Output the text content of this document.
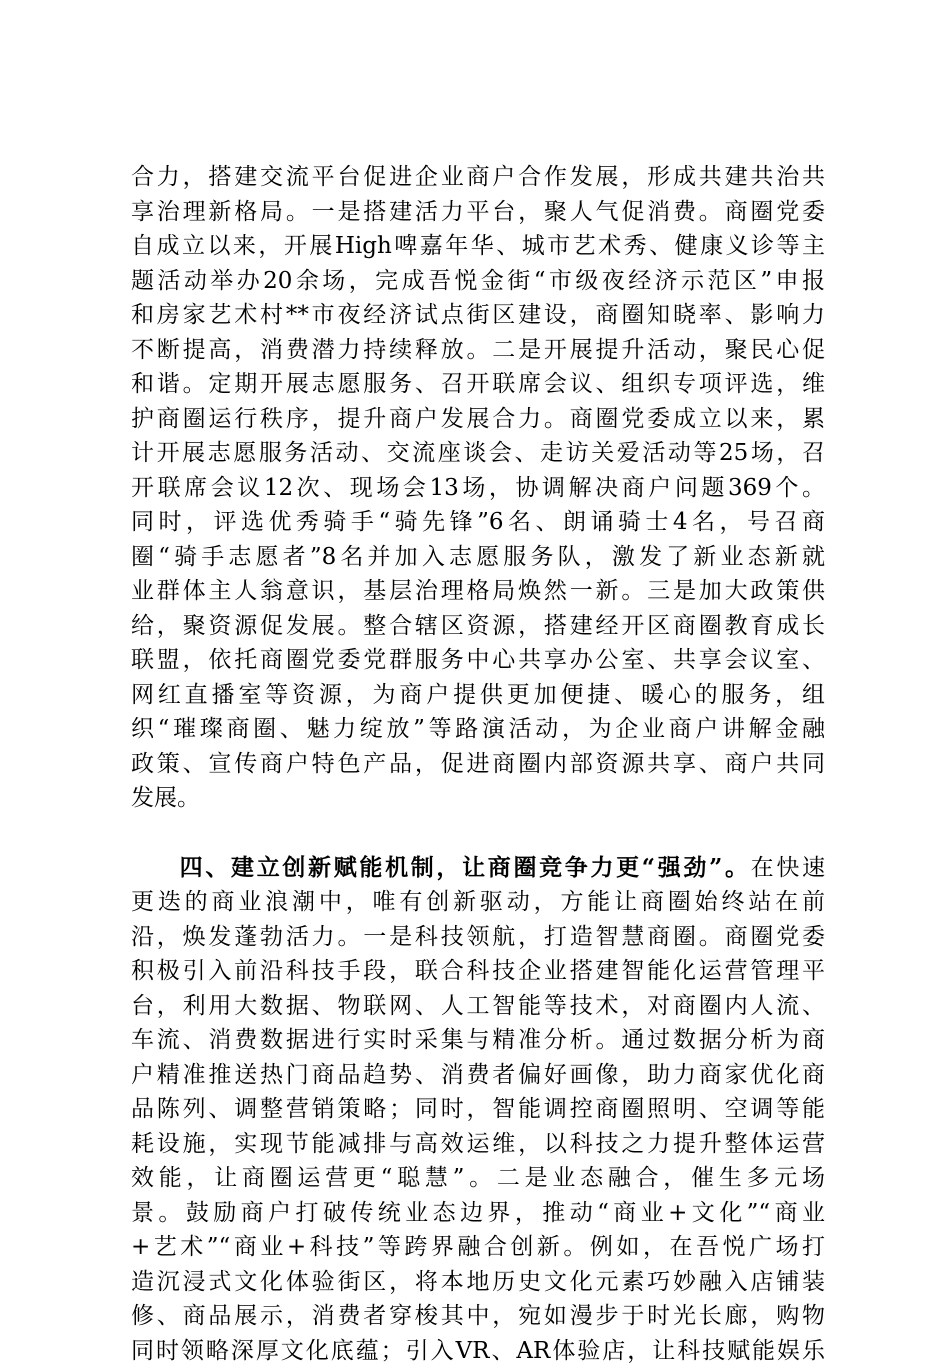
合力，搭建交流平台促进企业商户合作发展，形成共建共治共
享治理新格局。一是搭建活力平台，聚人气促消费。商圈党委
自成立以来，开展High啤嘉年华、城市艺术秀、健康义诊等主
题活动举办20余场，完成吾悦金街“市级夜经济示范区”申报
和房家艺术村**市夜经济试点街区建设，商圈知晓率、影响力
不断提高，消费潜力持续释放。二是开展提升活动，聚民心促
和谐。定期开展志愿服务、召开联席会议、组织专项评选，维
护商圈运行秩序，提升商户发展合力。商圈党委成立以来，累
计开展志愿服务活动、交流座谈会、走访关爱活动等25场，召
开联席会议12次、现场会13场，协调解决商户问题369个。
同时，评选优秀骑手“骑先锋”6名、朗诵骑士4名，号召商
圈“骑手志愿者”8名并加入志愿服务队，激发了新业态新就
业群体主人翁意识，基层治理格局焕然一新。三是加大政策供
给，聚资源促发展。整合辖区资源，搭建经开区商圈教育成长
联盟，依托商圈党委党群服务中心共享办公室、共享会议室、
网红直播室等资源，为商户提供更加便捷、暖心的服务，组
织“璀璨商圈、魅力绽放”等路演活动，为企业商户讲解金融
政策、宣传商户特色产品，促进商圈内部资源共享、商户共同
发展。
四、建立创新赋能机制，让商圈竞争力更“强劲”。在快速
更迭的商业浪潮中，唯有创新驱动，方能让商圈始终站在前
沿，焕发蓬勃活力。一是科技领航，打造智慧商圈。商圈党委
积极引入前沿科技手段，联合科技企业搭建智能化运营管理平
台，利用大数据、物联网、人工智能等技术，对商圈内人流、
车流、消费数据进行实时采集与精准分析。通过数据分析为商
户精准推送热门商品趋势、消费者偏好画像，助力商家优化商
品陈列、调整营销策略；同时，智能调控商圈照明、空调等能
耗设施，实现节能减排与高效运维，以科技之力提升整体运营
效能，让商圈运营更“聪慧”。二是业态融合，催生多元场
景。鼓励商户打破传统业态边界，推动“商业+文化”“商业
+艺术”“商业+科技”等跨界融合创新。例如，在吾悦广场打
造沉浸式文化体验街区，将本地历史文化元素巧妙融入店铺装
修、商品展示，消费者穿梭其中，宛如漫步于时光长廊，购物
同时领略深厚文化底蕴；引入VR、AR体验店，让科技赋能娱乐
